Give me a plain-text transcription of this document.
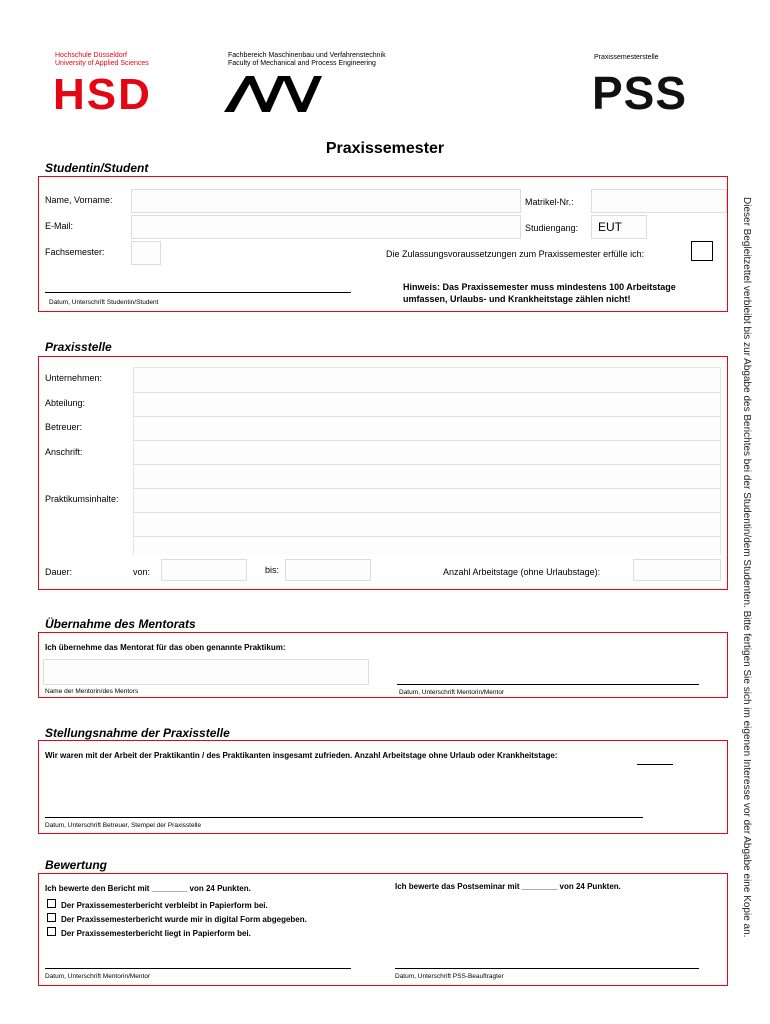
Hochschule Düsseldorf
University of Applied Sciences
HSD
Fachbereich Maschinenbau und Verfahrenstechnik
Faculty of Mechanical and Process Engineering
Praxissemesterstelle
PSS
Praxissemester
Dieser Begleitzettel verbleibt bis zur Abgabe des Berichtes bei der Studentin/dem Studenten. Bitte fertigen Sie sich im eigenen Interesse vor der Abgabe eine Kopie an.
Studentin/Student
Name, Vorname:	Matrikel-Nr.:
E-Mail:	Studiengang: EUT
Fachsemester:	Die Zulassungsvoraussetzungen zum Praxissemester erfülle ich:
Datum, Unterschrift Studentin/Student
Hinweis: Das Praxissemester muss mindestens 100 Arbeitstage
umfassen, Urlaubs- und Krankheitstage zählen nicht!
Praxisstelle
Unternehmen:
Abteilung:
Betreuer:
Anschrift:
Praktikumsinhalte:
Dauer:	von:	bis:	Anzahl Arbeitstage (ohne Urlaubstage):
Übernahme des Mentorats
Ich übernehme das Mentorat für das oben genannte Praktikum:
Name der Mentorin/des Mentors	Datum, Unterschrift Mentorin/Mentor
Stellungsnahme der Praxisstelle
Wir waren mit der Arbeit der Praktikantin / des Praktikanten insgesamt zufrieden. Anzahl Arbeitstage ohne Urlaub oder Krankheitstage:
Datum, Unterschrift Betreuer, Stempel der Praxisstelle
Bewertung
Ich bewerte den Bericht mit ________ von 24 Punkten.	Ich bewerte das Postseminar mit ________ von 24 Punkten.
Der Praxissemesterbericht verbleibt in Papierform bei.
Der Praxissemesterbericht wurde mir in digital Form abgegeben.
Der Praxissemesterbericht liegt in Papierform bei.
Datum, Unterschrift Mentorin/Mentor	Datum, Unterschrift PSS-Beauftragter
